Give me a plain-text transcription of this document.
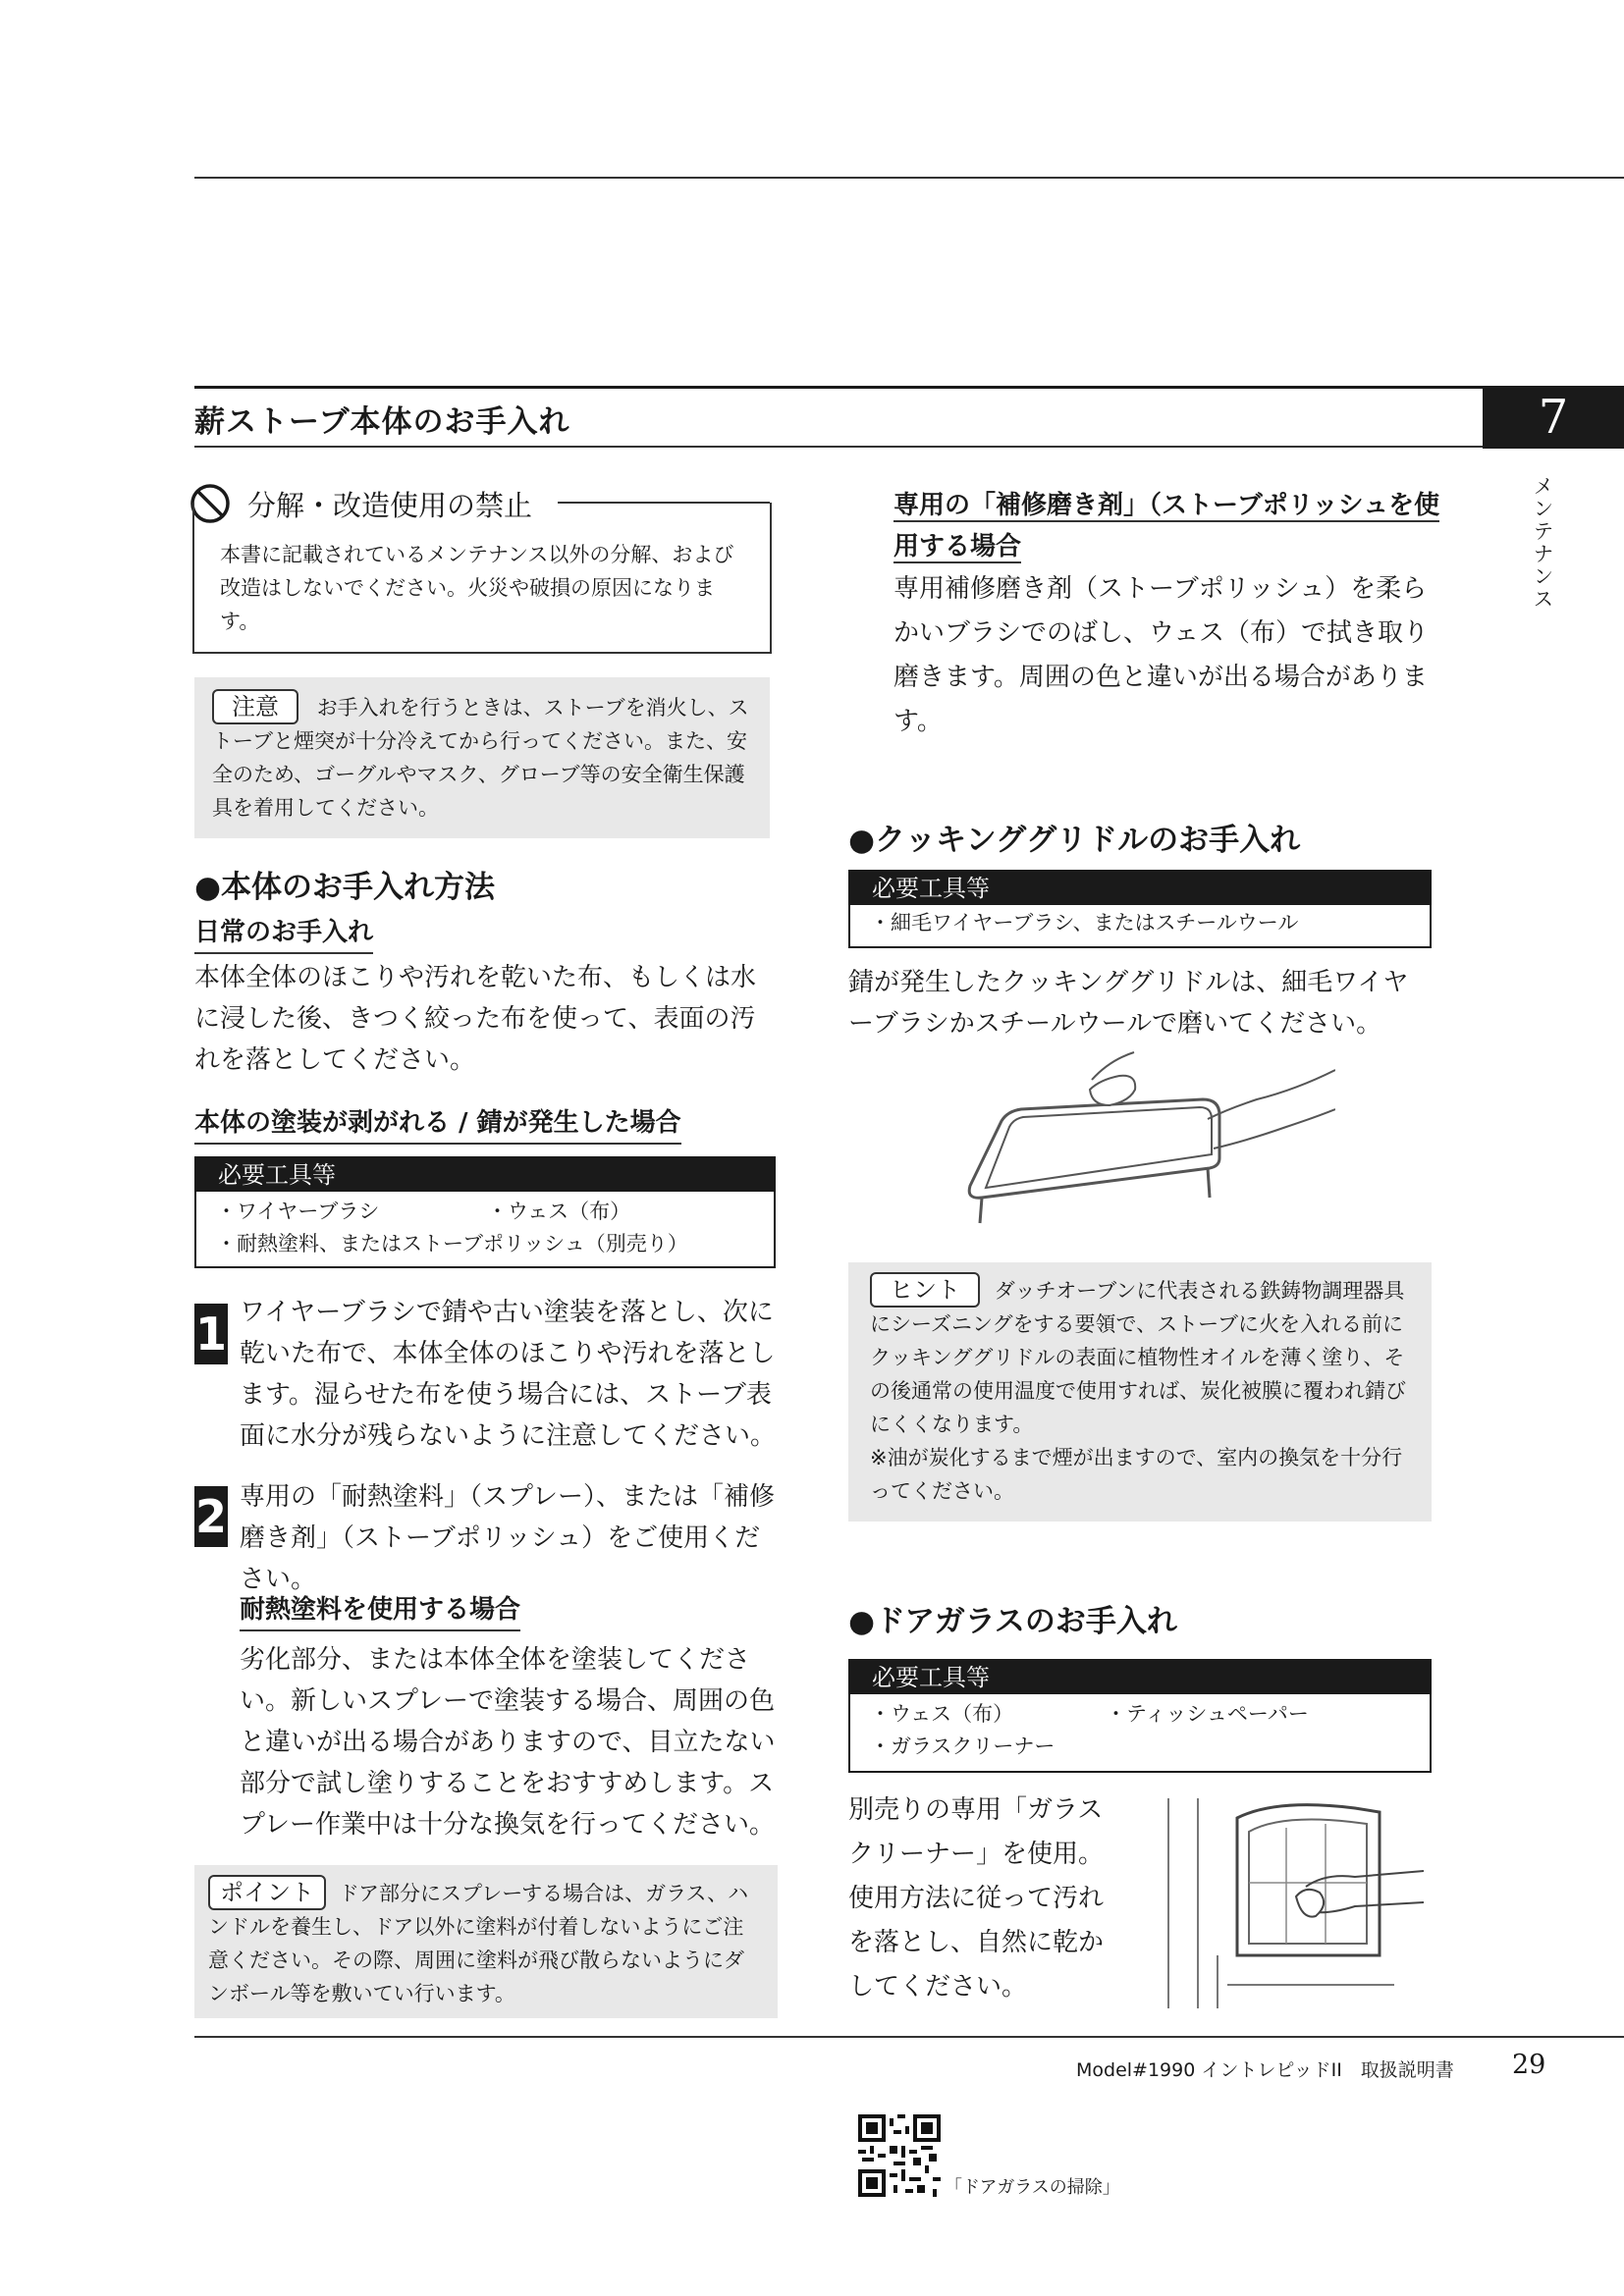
薪ストーブ本体のお手入れ	7
メンテナンス
分解・改造使用の禁止
本書に記載されているメンテナンス以外の分解、および改造はしないでください。火災や破損の原因になります。
注意 お手入れを行うときは、ストーブを消火し、ストーブと煙突が十分冷えてから行ってください。また、安全のため、ゴーグルやマスク、グローブ等の安全衛生保護具を着用してください。
●本体のお手入れ方法
日常のお手入れ
本体全体のほこりや汚れを乾いた布、もしくは水に浸した後、きつく絞った布を使って、表面の汚れを落としてください。
本体の塗装が剥がれる / 錆が発生した場合
必要工具等
・ワイヤーブラシ	・ウェス（布）
・耐熱塗料、またはストーブポリッシュ（別売り）
1 ワイヤーブラシで錆や古い塗装を落とし、次に乾いた布で、本体全体のほこりや汚れを落とします。湿らせた布を使う場合には、ストーブ表面に水分が残らないように注意してください。
2 専用の「耐熱塗料」（スプレー）、または「補修磨き剤」（ストーブポリッシュ）をご使用ください。
耐熱塗料を使用する場合
劣化部分、または本体全体を塗装してください。新しいスプレーで塗装する場合、周囲の色と違いが出る場合がありますので、目立たない部分で試し塗りすることをおすすめします。スプレー作業中は十分な換気を行ってください。
ポイント ドア部分にスプレーする場合は、ガラス、ハンドルを養生し、ドア以外に塗料が付着しないようにご注意ください。その際、周囲に塗料が飛び散らないようにダンボール等を敷いてい行います。
専用の「補修磨き剤」（ストーブポリッシュを使用する場合
専用補修磨き剤（ストーブポリッシュ）を柔らかいブラシでのばし、ウェス（布）で拭き取り磨きます。周囲の色と違いが出る場合があります。
●クッキンググリドルのお手入れ
必要工具等
・細毛ワイヤーブラシ、またはスチールウール
錆が発生したクッキンググリドルは、細毛ワイヤーブラシかスチールウールで磨いてください。
ヒント ダッチオーブンに代表される鉄鋳物調理器具にシーズニングをする要領で、ストーブに火を入れる前にクッキンググリドルの表面に植物性オイルを薄く塗り、その後通常の使用温度で使用すれば、炭化被膜に覆われ錆びにくくなります。
※油が炭化するまで煙が出ますので、室内の換気を十分行ってください。
●ドアガラスのお手入れ
必要工具等
・ウェス（布）	・ティッシュペーパー
・ガラスクリーナー
別売りの専用「ガラスクリーナー」を使用。使用方法に従って汚れを落とし、自然に乾かしてください。
Model#1990 イントレピッドII　取扱説明書 29
「ドアガラスの掃除」
